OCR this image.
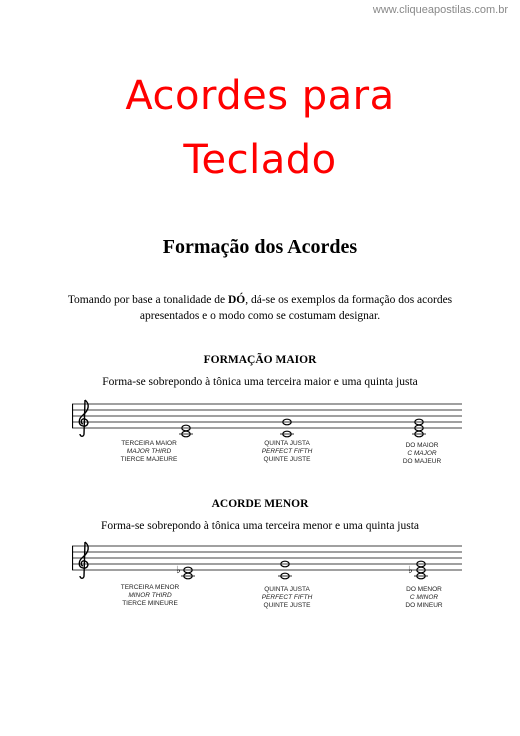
www.cliqueapostilas.com.br
Acordes para
Teclado
Formação dos Acordes
Tomando por base a tonalidade de DÓ, dá-se os exemplos da formação dos acordes apresentados e o modo como se costumam designar.
FORMAÇÃO MAIOR
Forma-se sobrepondo à tônica uma terceira maior e uma quinta justa
TERCEIRA MAIOR
MAJOR THIRD
TIERCE MAJEURE
QUINTA JUSTA
PERFECT FIFTH
QUINTE JUSTE
DO MAIOR
C MAJOR
DO MAJEUR
ACORDE MENOR
Forma-se sobrepondo à tônica uma terceira menor e uma quinta justa
♭	♭
TERCEIRA MENOR
MINOR THIRD
TIERCE MINEURE
QUINTA JUSTA
PERFECT FIFTH
QUINTE JUSTE
DO MENOR
C MINOR
DO MINEUR
